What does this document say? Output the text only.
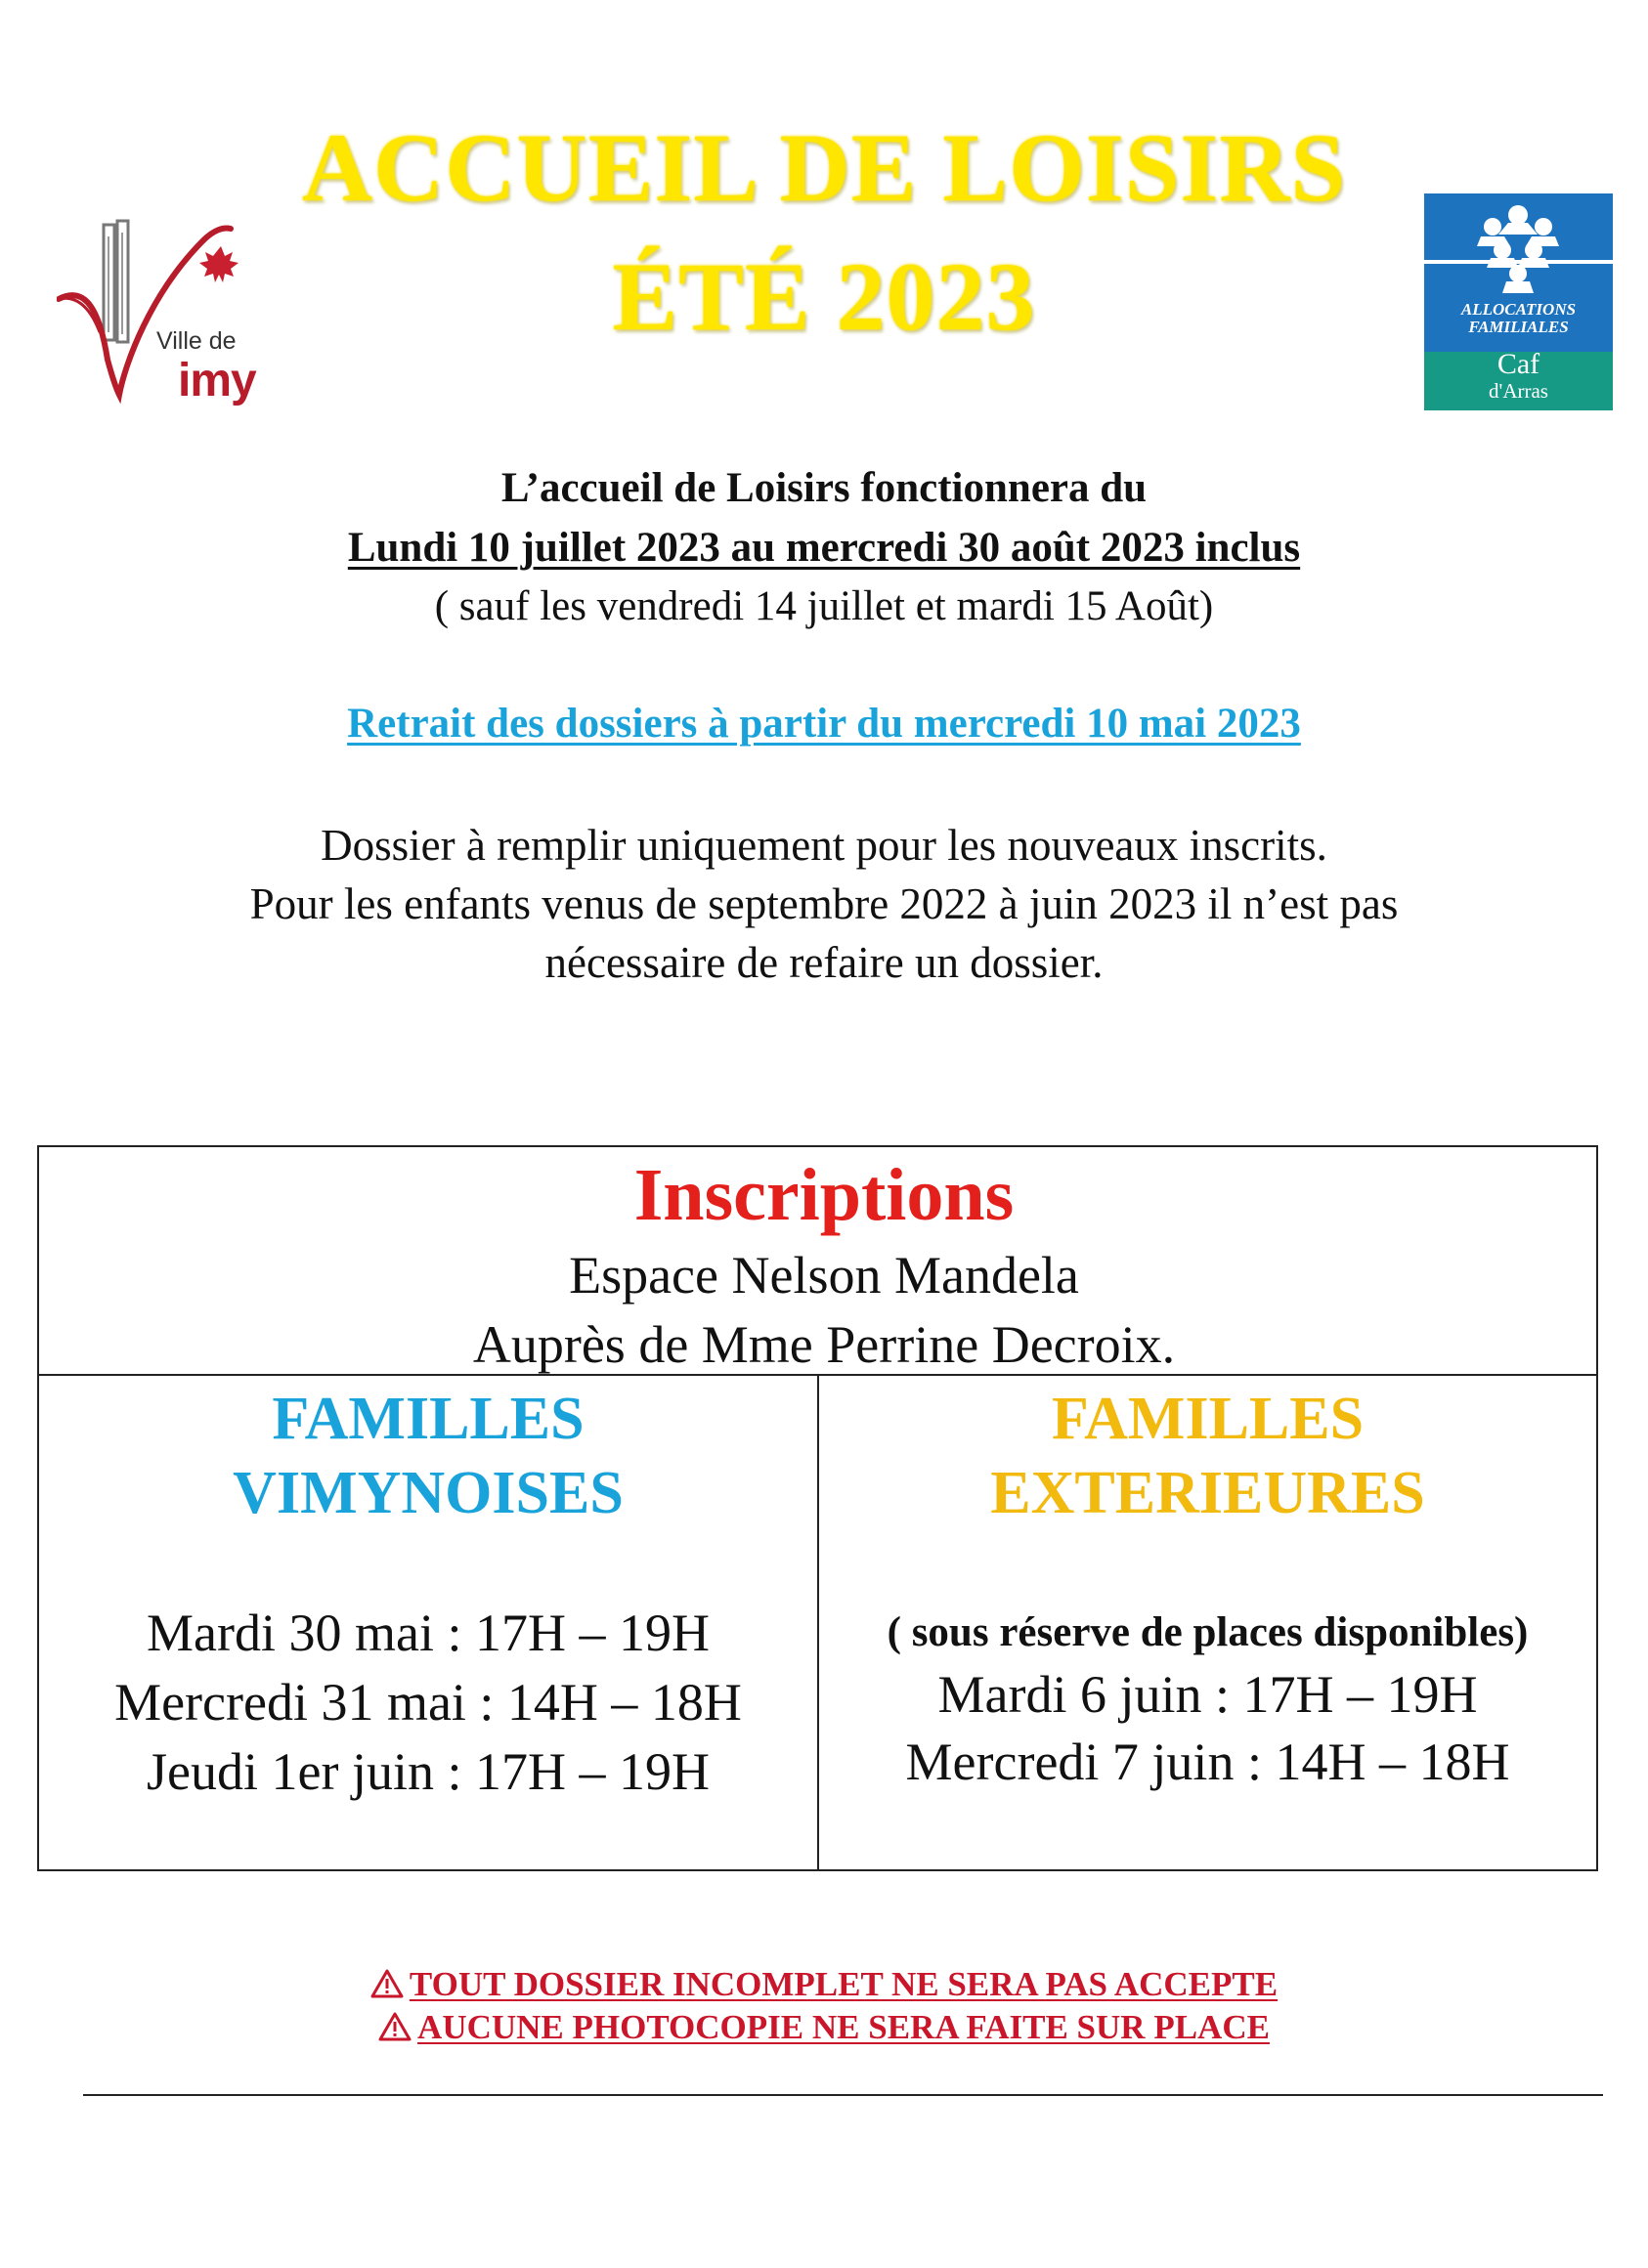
ACCUEIL DE LOISIRS
ÉTÉ 2023
Ville de
imy
ALLOCATIONS
FAMILIALES
Caf
d'Arras
L’accueil de Loisirs fonctionnera du
Lundi 10 juillet 2023 au mercredi 30 août 2023 inclus
( sauf les vendredi 14 juillet et mardi 15 Août)
Retrait des dossiers à partir du mercredi 10 mai 2023
Dossier à remplir uniquement pour les nouveaux inscrits.
Pour les enfants venus de septembre 2022 à juin 2023 il n’est pas
nécessaire de refaire un dossier.
Inscriptions
Espace Nelson Mandela
Auprès de Mme Perrine Decroix.
FAMILLES
VIMYNOISES
Mardi 30 mai : 17H – 19H
Mercredi 31 mai : 14H – 18H
Jeudi 1er juin : 17H – 19H
FAMILLES
EXTERIEURES
( sous réserve de places disponibles)
Mardi 6 juin : 17H – 19H
Mercredi 7 juin : 14H – 18H
TOUT DOSSIER INCOMPLET NE SERA PAS ACCEPTE
AUCUNE PHOTOCOPIE NE SERA FAITE SUR PLACE
